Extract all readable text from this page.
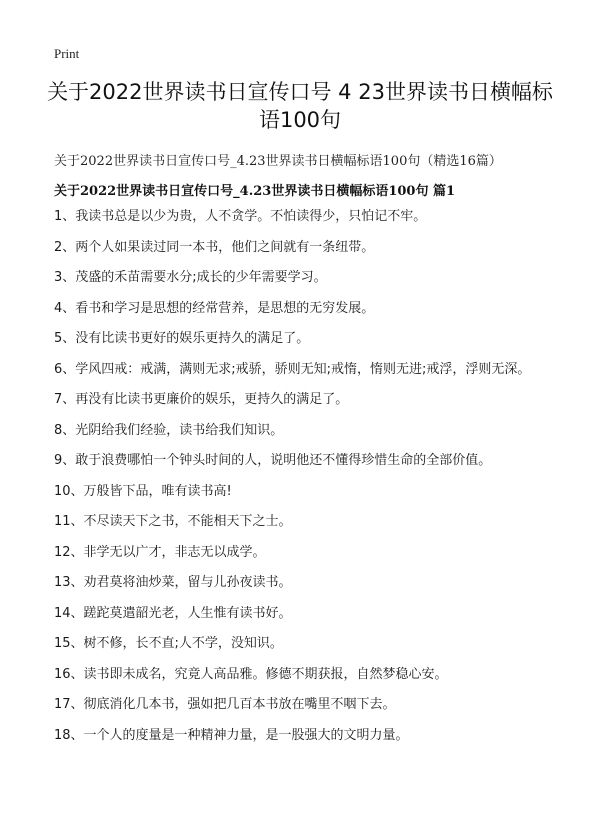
Print
关于2022世界读书日宣传口号 4 23世界读书日横幅标语100句
关于2022世界读书日宣传口号_4.23世界读书日横幅标语100句（精选16篇）
关于2022世界读书日宣传口号_4.23世界读书日横幅标语100句 篇1
1、我读书总是以少为贵，人不贪学。不怕读得少，只怕记不牢。
2、两个人如果读过同一本书，他们之间就有一条纽带。
3、茂盛的禾苗需要水分;成长的少年需要学习。
4、看书和学习是思想的经常营养，是思想的无穷发展。
5、没有比读书更好的娱乐更持久的满足了。
6、学风四戒：戒满，满则无求;戒骄，骄则无知;戒惰，惰则无进;戒浮，浮则无深。
7、再没有比读书更廉价的娱乐，更持久的满足了。
8、光阴给我们经验，读书给我们知识。
9、敢于浪费哪怕一个钟头时间的人，说明他还不懂得珍惜生命的全部价值。
10、万般皆下品，唯有读书高!
11、不尽读天下之书，不能相天下之士。
12、非学无以广才，非志无以成学。
13、劝君莫将油炒菜，留与儿孙夜读书。
14、蹉跎莫遣韶光老，人生惟有读书好。
15、树不修，长不直;人不学，没知识。
16、读书即未成名，究竟人高品雅。修德不期获报，自然梦稳心安。
17、彻底消化几本书，强如把几百本书放在嘴里不咽下去。
18、一个人的度量是一种精神力量，是一股强大的文明力量。
